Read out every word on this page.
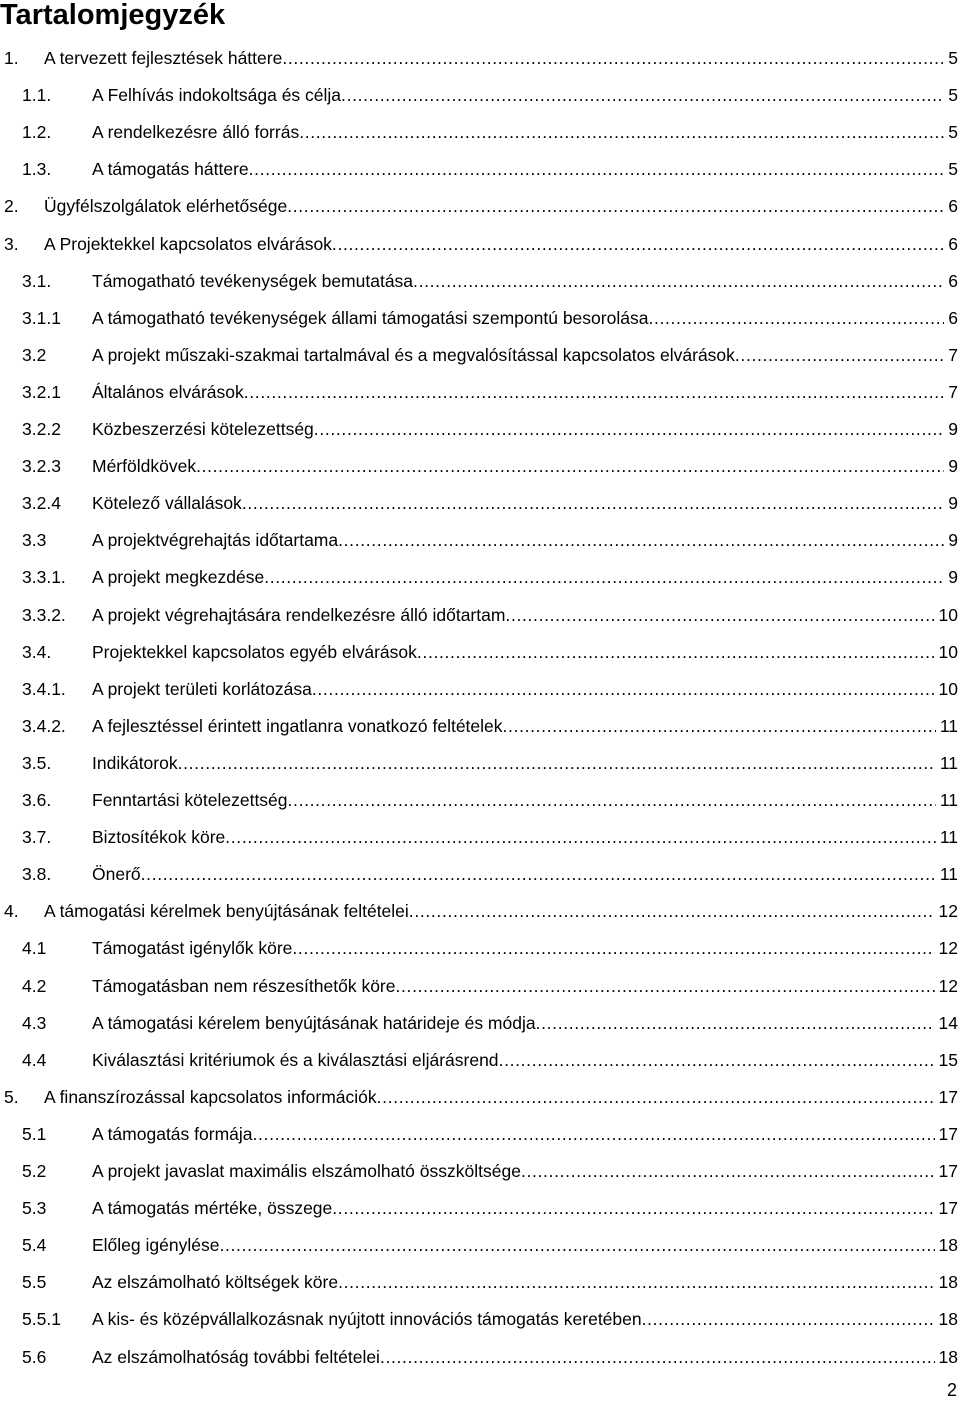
Tartalomjegyzék
1. A tervezett fejlesztések háttere . . .	5
1.1. A Felhívás indokoltsága és célja . . .	5
1.2. A rendelkezésre álló forrás . . .	5
1.3. A támogatás háttere . . .	5
2. Ügyfélszolgálatok elérhetősége . . .	6
3. A Projektekkel kapcsolatos elvárások . . .	6
3.1. Támogatható tevékenységek bemutatása . . .	6
3.1.1 A támogatható tevékenységek állami támogatási szempontú besorolása . . .	6
3.2	A projekt műszaki-szakmai tartalmával és a megvalósítással kapcsolatos elvárások . . .	7
3.2.1 Általános elvárások . . .	7
3.2.2 Közbeszerzési kötelezettség . . .	9
3.2.3 Mérföldkövek . . .	9
3.2.4 Kötelező vállalások . . .	9
3.3	A projektvégrehajtás időtartama . . .	9
3.3.1. A projekt megkezdése . . .	9
3.3.2. A projekt végrehajtására rendelkezésre álló időtartam . . .	10
3.4. Projektekkel kapcsolatos egyéb elvárások . . .	10
3.4.1. A projekt területi korlátozása . . .	10
3.4.2. A fejlesztéssel érintett ingatlanra vonatkozó feltételek . . .	11
3.5. Indikátorok . . .	11
3.6. Fenntartási kötelezettség . . .	11
3.7. Biztosítékok köre . . .	11
3.8. Önerő . . .	11
4. A támogatási kérelmek benyújtásának feltételei . . .	12
4.1	Támogatást igénylők köre . . .	12
4.2	Támogatásban nem részesíthetők köre . . .	12
4.3	A támogatási kérelem benyújtásának határideje és módja . . .	14
4.4	Kiválasztási kritériumok és a kiválasztási eljárásrend . . .	15
5. A finanszírozással kapcsolatos információk . . .	17
5.1	A támogatás formája . . .	17
5.2	A projekt javaslat maximális elszámolható összköltsége . . .	17
5.3	A támogatás mértéke, összege . . .	17
5.4	Előleg igénylése . . .	18
5.5	Az elszámolható költségek köre . . .	18
5.5.1 A kis- és középvállalkozásnak nyújtott innovációs támogatás keretében . . .	18
5.6	Az elszámolhatóság további feltételei . . .	18
2
